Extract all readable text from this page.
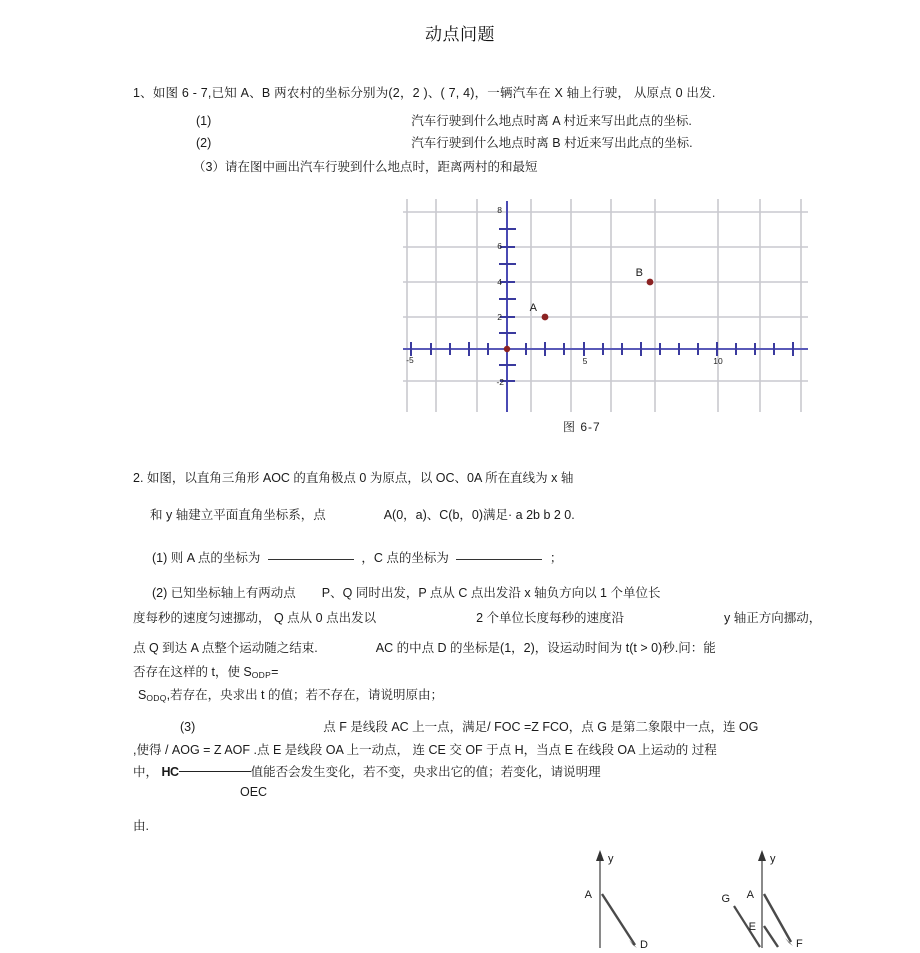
动点问题
1、如图 6 - 7,已知 A、B 两农村的坐标分别为(2，2 )、( 7, 4)，一辆汽车在 X 轴上行驶， 从原点 0 出发.
(1)	汽车行驶到什么地点时离 A 村近来写出此点的坐标.
(2)	汽车行驶到什么地点时离 B 村近来写出此点的坐标.
（3）请在图中画出汽车行驶到什么地点时，距离两村的和最短
8
6
4
2
-2
-5	5	10
A
B
图 6-7
2. 如图，以直角三角形 AOC 的直角极点 0 为原点，以 OC、0A 所在直线为 x 轴
和 y 轴建立平面直角坐标系，点	A(0，a)、C(b，0)满足· a 2b b 2 0.
(1) 则 A 点的坐标为	，C 点的坐标为	；
(2) 已知坐标轴上有两动点 P、Q 同时出发，P 点从 C 点出发沿 x 轴负方向以 1 个单位长
度每秒的速度匀速挪动， Q 点从 0 点出发以	2 个单位长度每秒的速度沿	y 轴正方向挪动，
点 Q 到达 A 点整个运动随之结束.	AC 的中点 D 的坐标是(1，2)，设运动时间为 t(t > 0)秒.问：能
否存在这样的 t，使 $S_{ODP}=$
$S_{ODQ}$,若存在，央求出 t 的值；若不存在，请说明原由；
(3)	点 F 是线段 AC 上一点，满足/ FOC =Z FCO，点 G 是第二象限中一点，连 OG
,使得 / AOG = Z AOF .点 E 是线段 OA 上一动点， 连 CE 交 OF 于点 H，当点 E 在线段 OA 上运动的 过程
中， HC	值能否会发生变化，若不变，央求出它的值；若变化，请说明理
OEC
由.
y
A
D
y
A
G
E
F
